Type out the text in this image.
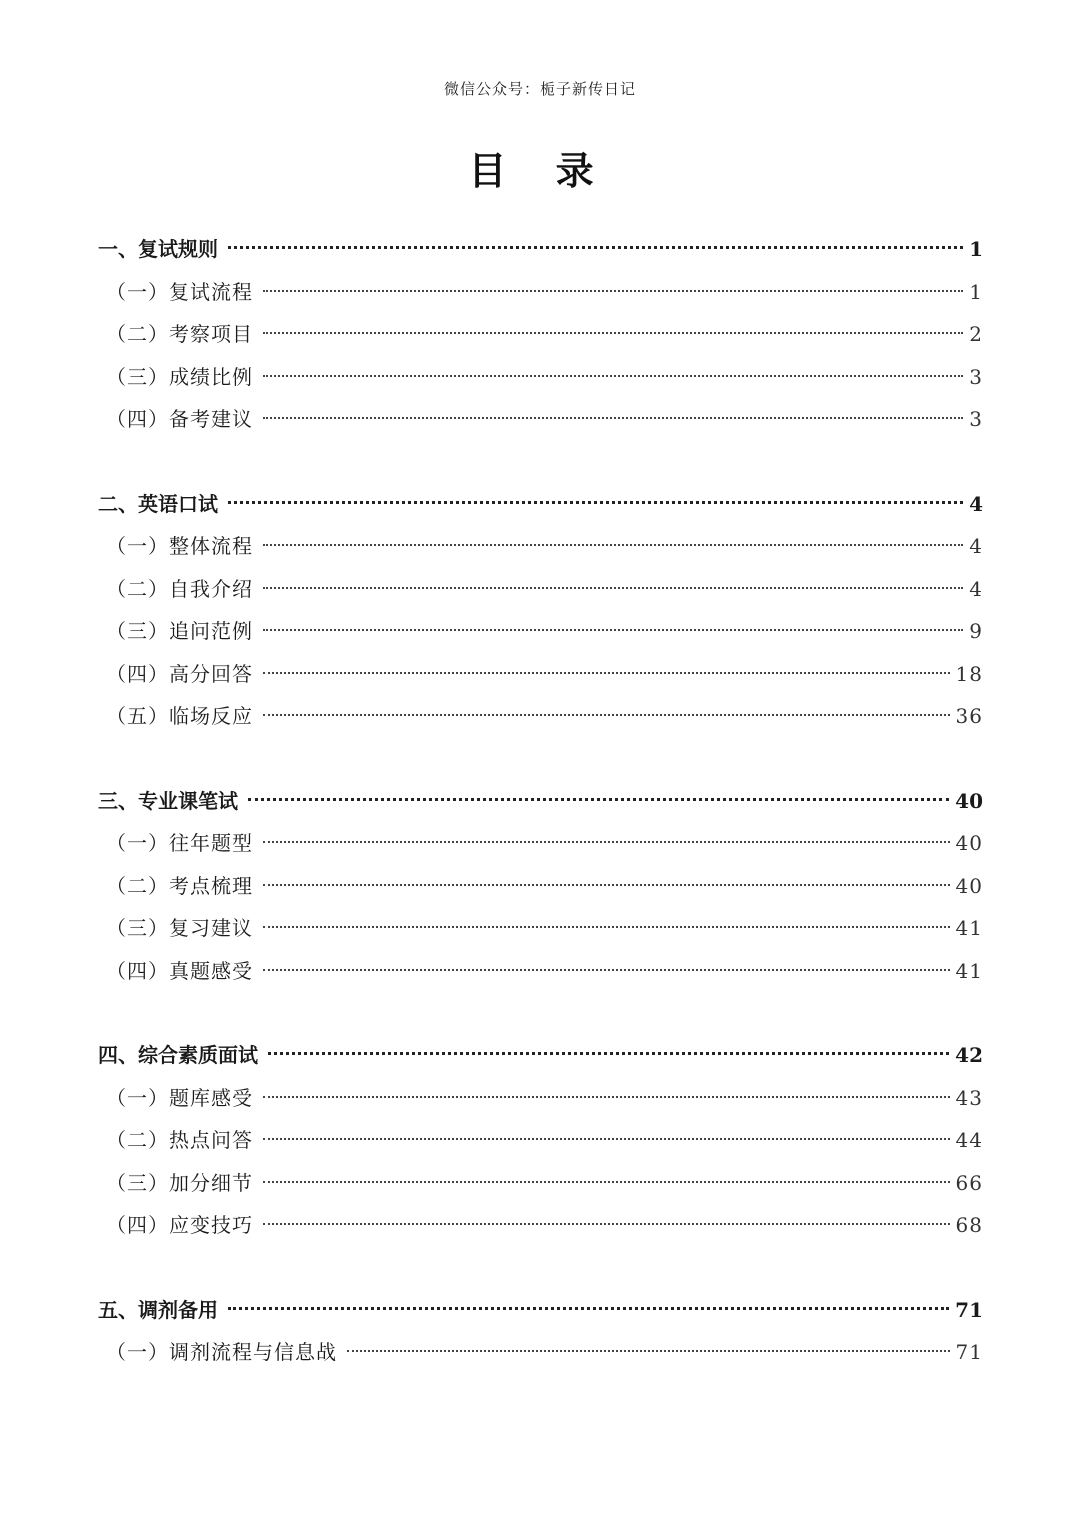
微信公众号：栀子新传日记
目 录
一、复试规则	1
（一）复试流程	1
（二）考察项目	2
（三）成绩比例	3
（四）备考建议	3
二、英语口试	4
（一）整体流程	4
（二）自我介绍	4
（三）追问范例	9
（四）高分回答	18
（五）临场反应	36
三、专业课笔试	40
（一）往年题型	40
（二）考点梳理	40
（三）复习建议	41
（四）真题感受	41
四、综合素质面试	42
（一）题库感受	43
（二）热点问答	44
（三）加分细节	66
（四）应变技巧	68
五、调剂备用	71
（一）调剂流程与信息战	71
